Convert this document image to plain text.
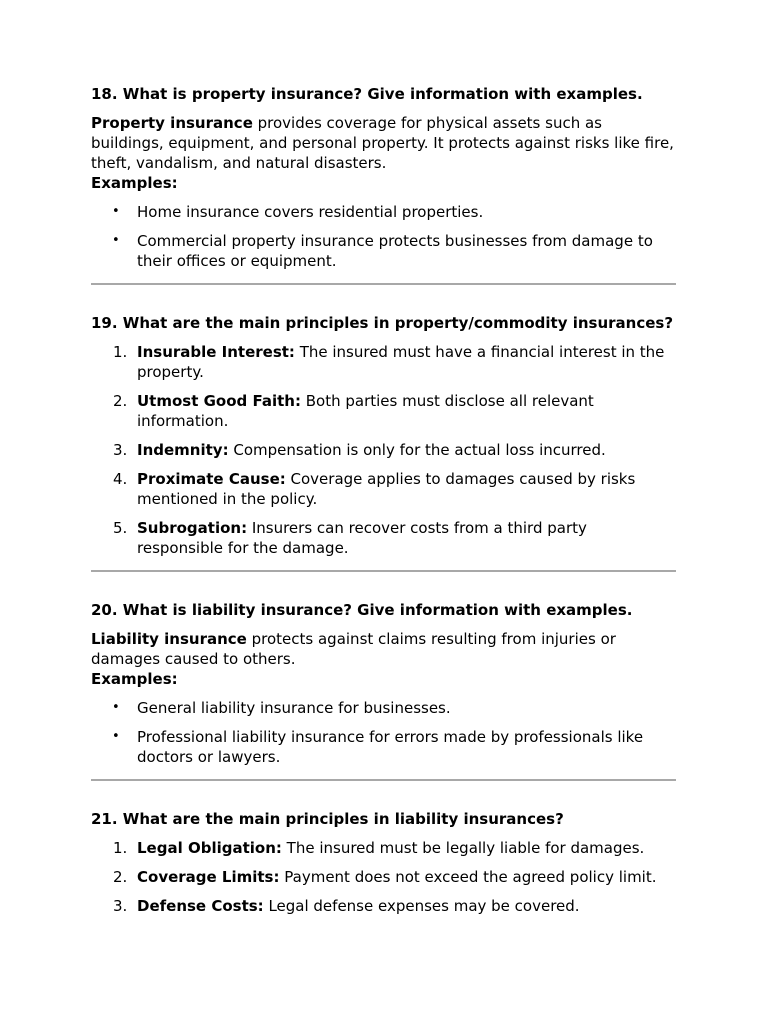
18. What is property insurance? Give information with examples.

Property insurance provides coverage for physical assets such as buildings, equipment, and personal property. It protects against risks like fire, theft, vandalism, and natural disasters.

Examples:

• Home insurance covers residential properties.
• Commercial property insurance protects businesses from damage to their offices or equipment.

19. What are the main principles in property/commodity insurances?

1. Insurable Interest: The insured must have a financial interest in the property.
2. Utmost Good Faith: Both parties must disclose all relevant information.
3. Indemnity: Compensation is only for the actual loss incurred.
4. Proximate Cause: Coverage applies to damages caused by risks mentioned in the policy.
5. Subrogation: Insurers can recover costs from a third party responsible for the damage.

20. What is liability insurance? Give information with examples.

Liability insurance protects against claims resulting from injuries or damages caused to others.

Examples:

• General liability insurance for businesses.
• Professional liability insurance for errors made by professionals like doctors or lawyers.

21. What are the main principles in liability insurances?

1. Legal Obligation: The insured must be legally liable for damages.
2. Coverage Limits: Payment does not exceed the agreed policy limit.
3. Defense Costs: Legal defense expenses may be covered.
